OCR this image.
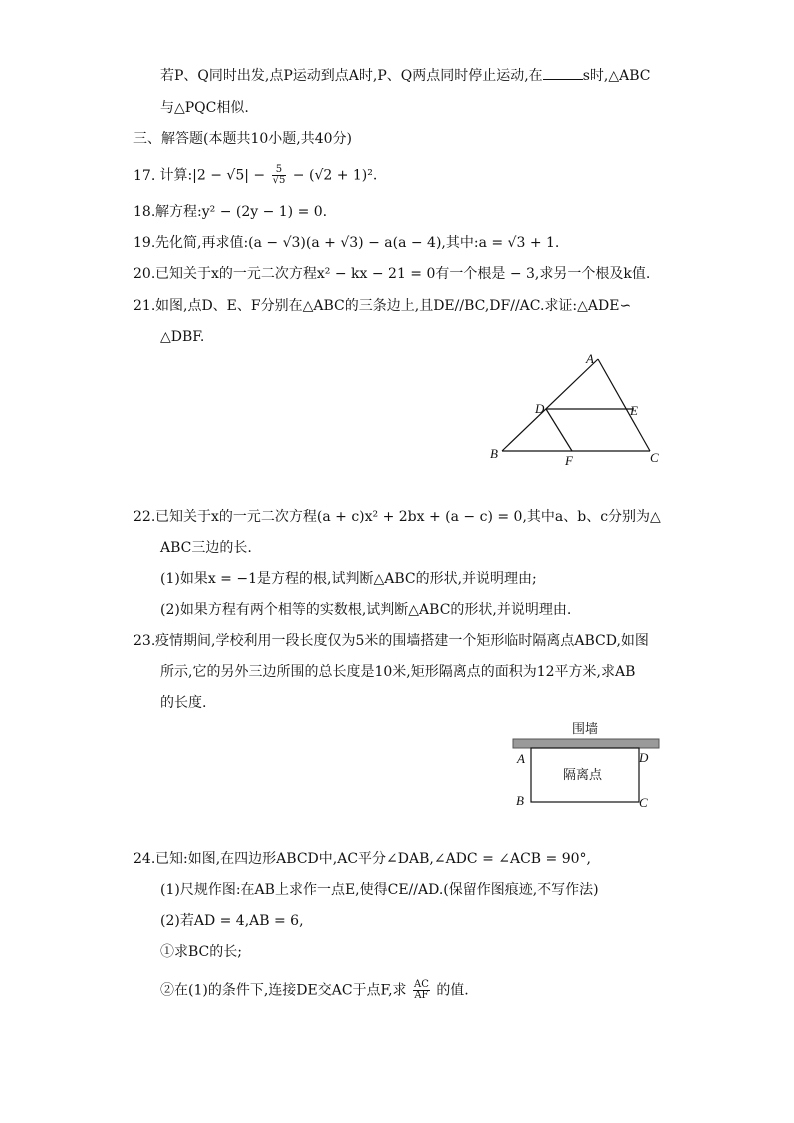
若P、Q同时出发,点P运动到点A时,P、Q两点同时停止运动,在	s时,△ABC
与△PQC相似.
三、解答题(本题共10小题,共40分)
17. 计算:|2 − $√5| - \frac{5}{√5} - (√2 + 1)^2$.
18.解方程:y² − (2y − 1) = 0.
19.先化简,再求值:(a − √3)(a + √3) − a(a − 4),其中:a = √3 + 1.
20.已知关于x的一元二次方程x² − kx − 21 = 0有一个根是 − 3,求另一个根及k值.
21.如图,点D、E、F分别在△ABC的三条边上,且DE//BC,DF//AC.求证:△ADE∽
△DBF.
A
B	C
D	E
F
22.已知关于x的一元二次方程(a + c)x² + 2bx + (a − c) = 0,其中a、b、c分别为△
ABC三边的长.
(1)如果x = −1是方程的根,试判断△ABC的形状,并说明理由;
(2)如果方程有两个相等的实数根,试判断△ABC的形状,并说明理由.
23.疫情期间,学校利用一段长度仅为5米的围墙搭建一个矩形临时隔离点ABCD,如图
所示,它的另外三边所围的总长度是10米,矩形隔离点的面积为12平方米,求AB
的长度.
围墙
隔离点
A
B	C
D
24.已知:如图,在四边形ABCD中,AC平分∠DAB,∠ADC = ∠ACB = 90°,
(1)尺规作图:在AB上求作一点E,使得CE//AD.(保留作图痕迹,不写作法)
(2)若AD = 4,AB = 6,
①求BC的长;
②在(1)的条件下,连接DE交AC于点F,求 $\frac{AC}{AF}$ 的值.
